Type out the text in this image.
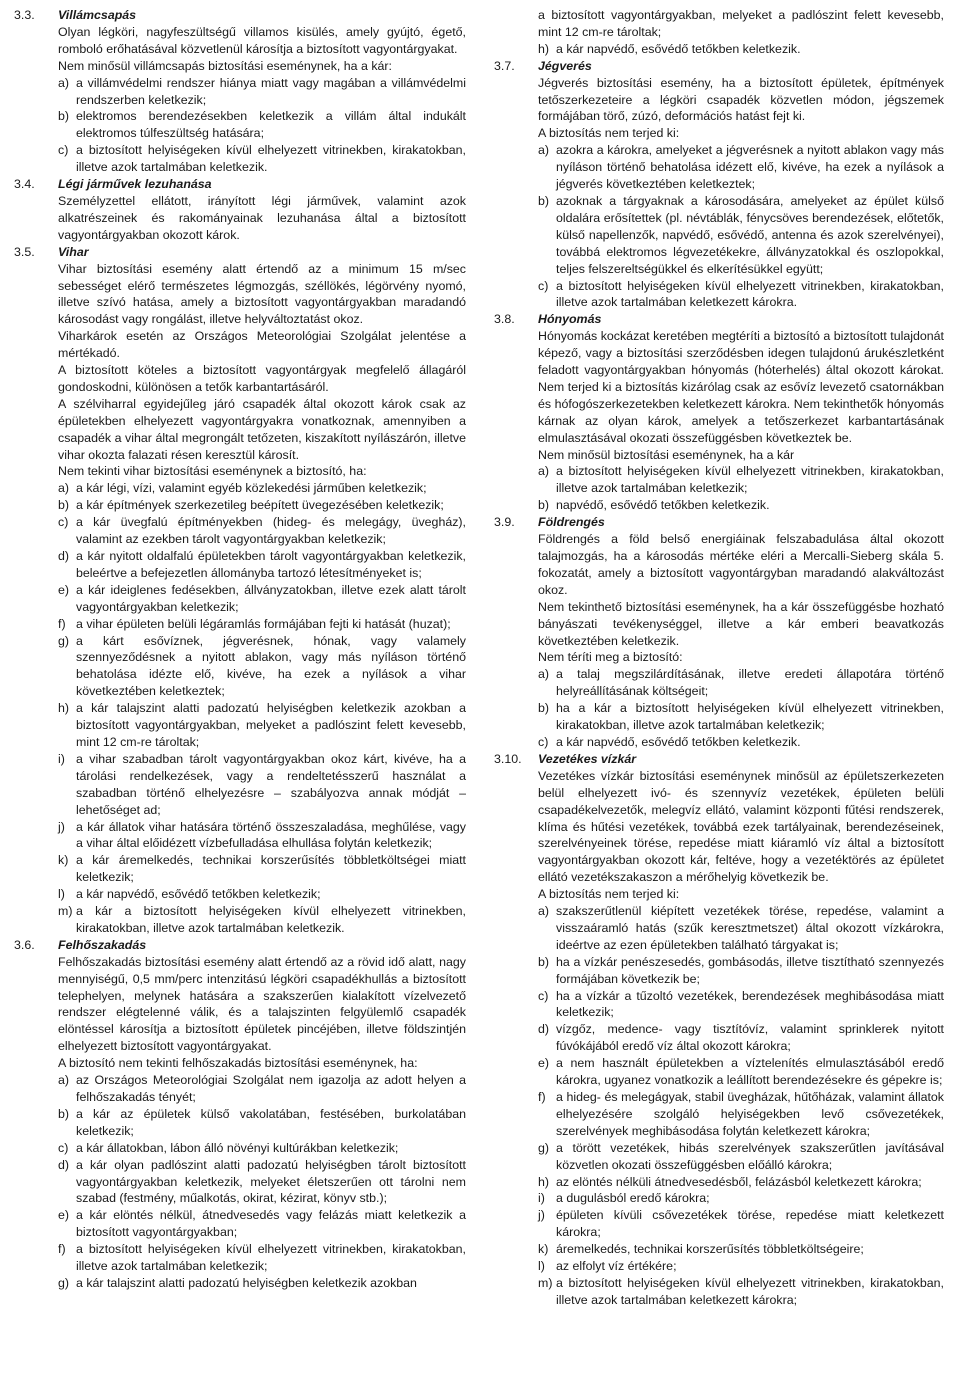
3.3. Villámcsapás

Olyan légköri, nagyfeszültségű villamos kisülés, amely gyújtó, égető, romboló erőhatásával közvetlenül károsítja a biztosított vagyontárgyakat.

Nem minősül villámcsapás biztosítási eseménynek, ha a kár:

a) a villámvédelmi rendszer hiánya miatt vagy magában a villámvédelmi rendszerben keletkezik;
b) elektromos berendezésekben keletkezik a villám által indukált elektromos túlfeszültség hatására;
c) a biztosított helyiségeken kívül elhelyezett vitrinekben, kirakatokban, illetve azok tartalmában keletkezik.
3.4. Légi járművek lezuhanása

Személyzettel ellátott, irányított légi járművek, valamint azok alkatrészeinek és rakományainak lezuhanása által a biztosított vagyontárgyakban okozott károk.

3.5. Vihar

Vihar biztosítási esemény alatt értendő az a minimum 15 m/sec sebességet elérő természetes légmozgás, széllökés, légörvény nyomó, illetve szívó hatása, amely a biztosított vagyontárgyakban maradandó károsodást vagy rongálást, illetve helyváltoztatást okoz.

Viharkárok esetén az Országos Meteorológiai Szolgálat jelentése a mértékadó.

A biztosított köteles a biztosított vagyontárgyak megfelelő állagáról gondoskodni, különösen a tetők karbantartásáról.

A szélviharral egyidejűleg járó csapadék által okozott károk csak az épületekben elhelyezett vagyontárgyakra vonatkoznak, amennyiben a csapadék a vihar által megrongált tetőzeten, kiszakított nyílászárón, illetve vihar okozta falazati résen keresztül károsít.

Nem tekinti vihar biztosítási eseménynek a biztosító, ha:

a) a kár légi, vízi, valamint egyéb közlekedési járműben keletkezik;
b) a kár építmények szerkezetileg beépített üvegezésében keletkezik;
c) a kár üvegfalú építményekben (hideg- és melegágy, üvegház), valamint az ezekben tárolt vagyontárgyakban keletkezik;
d) a kár nyitott oldalfalú épületekben tárolt vagyontárgyakban keletkezik, beleértve a befejezetlen állományba tartozó létesítményeket is;
e) a kár ideiglenes fedésekben, állványzatokban, illetve ezek alatt tárolt vagyontárgyakban keletkezik;
f) a vihar épületen belüli légáramlás formájában fejti ki hatását (huzat);
g) a kárt esővíznek, jégverésnek, hónak, vagy valamely szennyeződésnek a nyitott ablakon, vagy más nyíláson történő behatolása idézte elő, kivéve, ha ezek a nyílások a vihar következtében keletkeztek;
h) a kár talajszint alatti padozatú helyiségben keletkezik azokban a biztosított vagyontárgyakban, melyeket a padlószint felett kevesebb, mint 12 cm-re tároltak;
i) a vihar szabadban tárolt vagyontárgyakban okoz kárt, kivéve, ha a tárolási rendelkezések, vagy a rendeltetésszerű használat a szabadban történő elhelyezésre – szabályozva annak módját – lehetőséget ad;
j) a kár állatok vihar hatására történő összeszaladása, meghűlése, vagy a vihar által előidézett vízbefulladása elhullása folytán keletkezik;
k) a kár áremelkedés, technikai korszerűsítés többletköltségei miatt keletkezik;
l) a kár napvédő, esővédő tetőkben keletkezik;
m) a kár a biztosított helyiségeken kívül elhelyezett vitrinekben, kirakatokban, illetve azok tartalmában keletkezik.
3.6. Felhőszakadás

Felhőszakadás biztosítási esemény alatt értendő az a rövid idő alatt, nagy mennyiségű, 0,5 mm/perc intenzitású légköri csapadékhullás a biztosított telephelyen, melynek hatására a szakszerűen kialakított vízelvezető rendszer elégtelenné válik, és a talajszinten felgyülemlő csapadék elöntéssel károsítja a biztosított épületek pincéjében, illetve földszintjén elhelyezett biztosított vagyontárgyakat.

A biztosító nem tekinti felhőszakadás biztosítási eseménynek, ha:

a) az Országos Meteorológiai Szolgálat nem igazolja az adott helyen a felhőszakadás tényét;
b) a kár az épületek külső vakolatában, festésében, burkolatában keletkezik;
c) a kár állatokban, lábon álló növényi kultúrákban keletkezik;
d) a kár olyan padlószint alatti padozatú helyiségben tárolt biztosított vagyontárgyakban keletkezik, melyeket életszerűen ott tárolni nem szabad (festmény, műalkotás, okirat, kézirat, könyv stb.);
e) a kár elöntés nélkül, átnedvesedés vagy felázás miatt keletkezik a biztosított vagyontárgyakban;
f) a biztosított helyiségeken kívül elhelyezett vitrinekben, kirakatokban, illetve azok tartalmában keletkezik;
g) a kár talajszint alatti padozatú helyiségben keletkezik azokban

a biztosított vagyontárgyakban, melyeket a padlószint felett kevesebb, mint 12 cm-re tároltak;

h) a kár napvédő, esővédő tetőkben keletkezik.
3.7. Jégverés

Jégverés biztosítási esemény, ha a biztosított épületek, építmények tetőszerkezeteire a légköri csapadék közvetlen módon, jégszemek formájában törő, zúzó, deformációs hatást fejt ki.

A biztosítás nem terjed ki:

a) azokra a károkra, amelyeket a jégverésnek a nyitott ablakon vagy más nyíláson történő behatolása idézett elő, kivéve, ha ezek a nyílások a jégverés következtében keletkeztek;
b) azoknak a tárgyaknak a károsodására, amelyeket az épület külső oldalára erősítettek (pl. névtáblák, fénycsöves berendezések, előtetők, külső napellenzők, napvédő, esővédő, antenna és azok szerelvényei), továbbá elektromos légvezetékekre, állványzatokkal és oszlopokkal, teljes felszereltségükkel és elkerítésükkel együtt;
c) a biztosított helyiségeken kívül elhelyezett vitrinekben, kirakatokban, illetve azok tartalmában keletkezett károkra.
3.8. Hónyomás

Hónyomás kockázat keretében megtéríti a biztosító a biztosított tulajdonát képező, vagy a biztosítási szerződésben idegen tulajdonú árukészletként feladott vagyontárgyakban hónyomás (hóterhelés) által okozott károkat. Nem terjed ki a biztosítás kizárólag csak az esővíz levezető csatornákban és hófogószerkezetekben keletkezett károkra. Nem tekinthetők hónyomás kárnak az olyan károk, amelyek a tetőszerkezet karbantartásának elmulasztásával okozati összefüggésben következtek be.

Nem minősül biztosítási eseménynek, ha a kár

a) a biztosított helyiségeken kívül elhelyezett vitrinekben, kirakatokban, illetve azok tartalmában keletkezik;
b) napvédő, esővédő tetőkben keletkezik.
3.9. Földrengés

Földrengés a föld belső energiáinak felszabadulása által okozott talajmozgás, ha a károsodás mértéke eléri a Mercalli-Sieberg skála 5. fokozatát, amely a biztosított vagyontárgyban maradandó alakváltozást okoz.

Nem tekinthető biztosítási eseménynek, ha a kár összefüggésbe hozható bányászati tevékenységgel, illetve a kár emberi beavatkozás következtében keletkezik.

Nem téríti meg a biztosító:

a) a talaj megszilárdításának, illetve eredeti állapotára történő helyreállításának költségeit;
b) ha a kár a biztosított helyiségeken kívül elhelyezett vitrinekben, kirakatokban, illetve azok tartalmában keletkezik;
c) a kár napvédő, esővédő tetőkben keletkezik.
3.10. Vezetékes vízkár

Vezetékes vízkár biztosítási eseménynek minősül az épületszerkezeten belül elhelyezett ivó- és szennyvíz vezetékek, épületen belüli csapadékelvezetők, melegvíz ellátó, valamint központi fűtési rendszerek, klíma és hűtési vezetékek, továbbá ezek tartályainak, berendezéseinek, szerelvényeinek törése, repedése miatt kiáramló víz által a biztosított vagyontárgyakban okozott kár, feltéve, hogy a vezetéktörés az épületet ellátó vezetékszakaszon a mérőhelyig következik be.

A biztosítás nem terjed ki:

a) szakszerűtlenül kiépített vezetékek törése, repedése, valamint a visszaáramló hatás (szűk keresztmetszet) által okozott vízkárokra, ideértve az ezen épületekben található tárgyakat is;
b) ha a vízkár penészesedés, gombásodás, illetve tisztítható szennyezés formájában következik be;
c) ha a vízkár a tűzoltó vezetékek, berendezések meghibásodása miatt keletkezik;
d) vízgőz, medence- vagy tisztítóvíz, valamint sprinklerek nyitott fúvókájából eredő víz által okozott károkra;
e) a nem használt épületekben a víztelenítés elmulasztásából eredő károkra, ugyanez vonatkozik a leállított berendezésekre és gépekre is;
f) a hideg- és melegágyak, stabil üvegházak, hűtőházak, valamint állatok elhelyezésére szolgáló helyiségekben levő csővezetékek, szerelvények meghibásodása folytán keletkezett károkra;
g) a törött vezetékek, hibás szerelvények szakszerűtlen javításával közvetlen okozati összefüggésben előálló károkra;
h) az elöntés nélküli átnedvesedésből, felázásból keletkezett károkra;
i) a dugulásból eredő károkra;
j) épületen kívüli csővezetékek törése, repedése miatt keletkezett károkra;
k) áremelkedés, technikai korszerűsítés többletköltségeire;
l) az elfolyt víz értékére;
m) a biztosított helyiségeken kívül elhelyezett vitrinekben, kirakatokban, illetve azok tartalmában keletkezett károkra;
